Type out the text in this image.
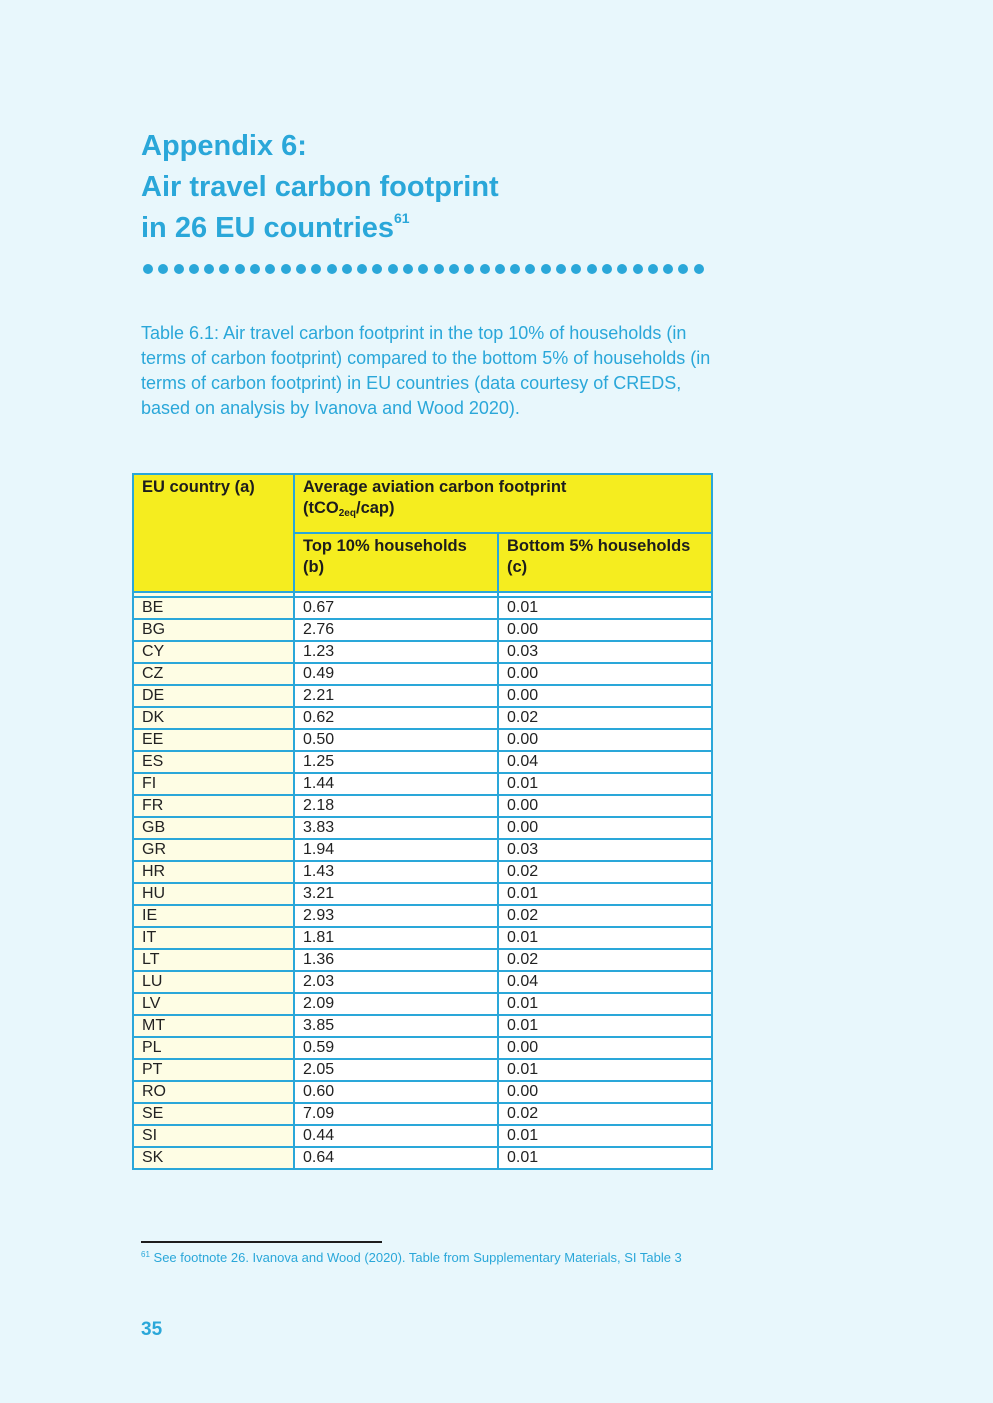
Appendix 6:
Air travel carbon footprint
in 26 EU countries$^{61}$

Table 6.1: Air travel carbon footprint in the top 10% of households (in terms of carbon footprint) compared to the bottom 5% of households (in terms of carbon footprint) in EU countries (data courtesy of CREDS, based on analysis by Ivanova and Wood 2020).

EU country (a)	Average aviation carbon footprint
(tCO$_{2eq}$/cap)	
	Top 10% households (b)	Bottom 5% households (c)

BE	0.67	0.01
BG	2.76	0.00
CY	1.23	0.03
CZ	0.49	0.00
DE	2.21	0.00
DK	0.62	0.02
EE	0.50	0.00
ES	1.25	0.04
FI	1.44	0.01
FR	2.18	0.00
GB	3.83	0.00
GR	1.94	0.03
HR	1.43	0.02
HU	3.21	0.01
IE	2.93	0.02
IT	1.81	0.01
LT	1.36	0.02
LU	2.03	0.04
LV	2.09	0.01
MT	3.85	0.01
PL	0.59	0.00
PT	2.05	0.01
RO	0.60	0.00
SE	7.09	0.02
SI	0.44	0.01
SK	0.64	0.01

$^{61}$ See footnote 26. Ivanova and Wood (2020). Table from Supplementary Materials, SI Table 3

35
